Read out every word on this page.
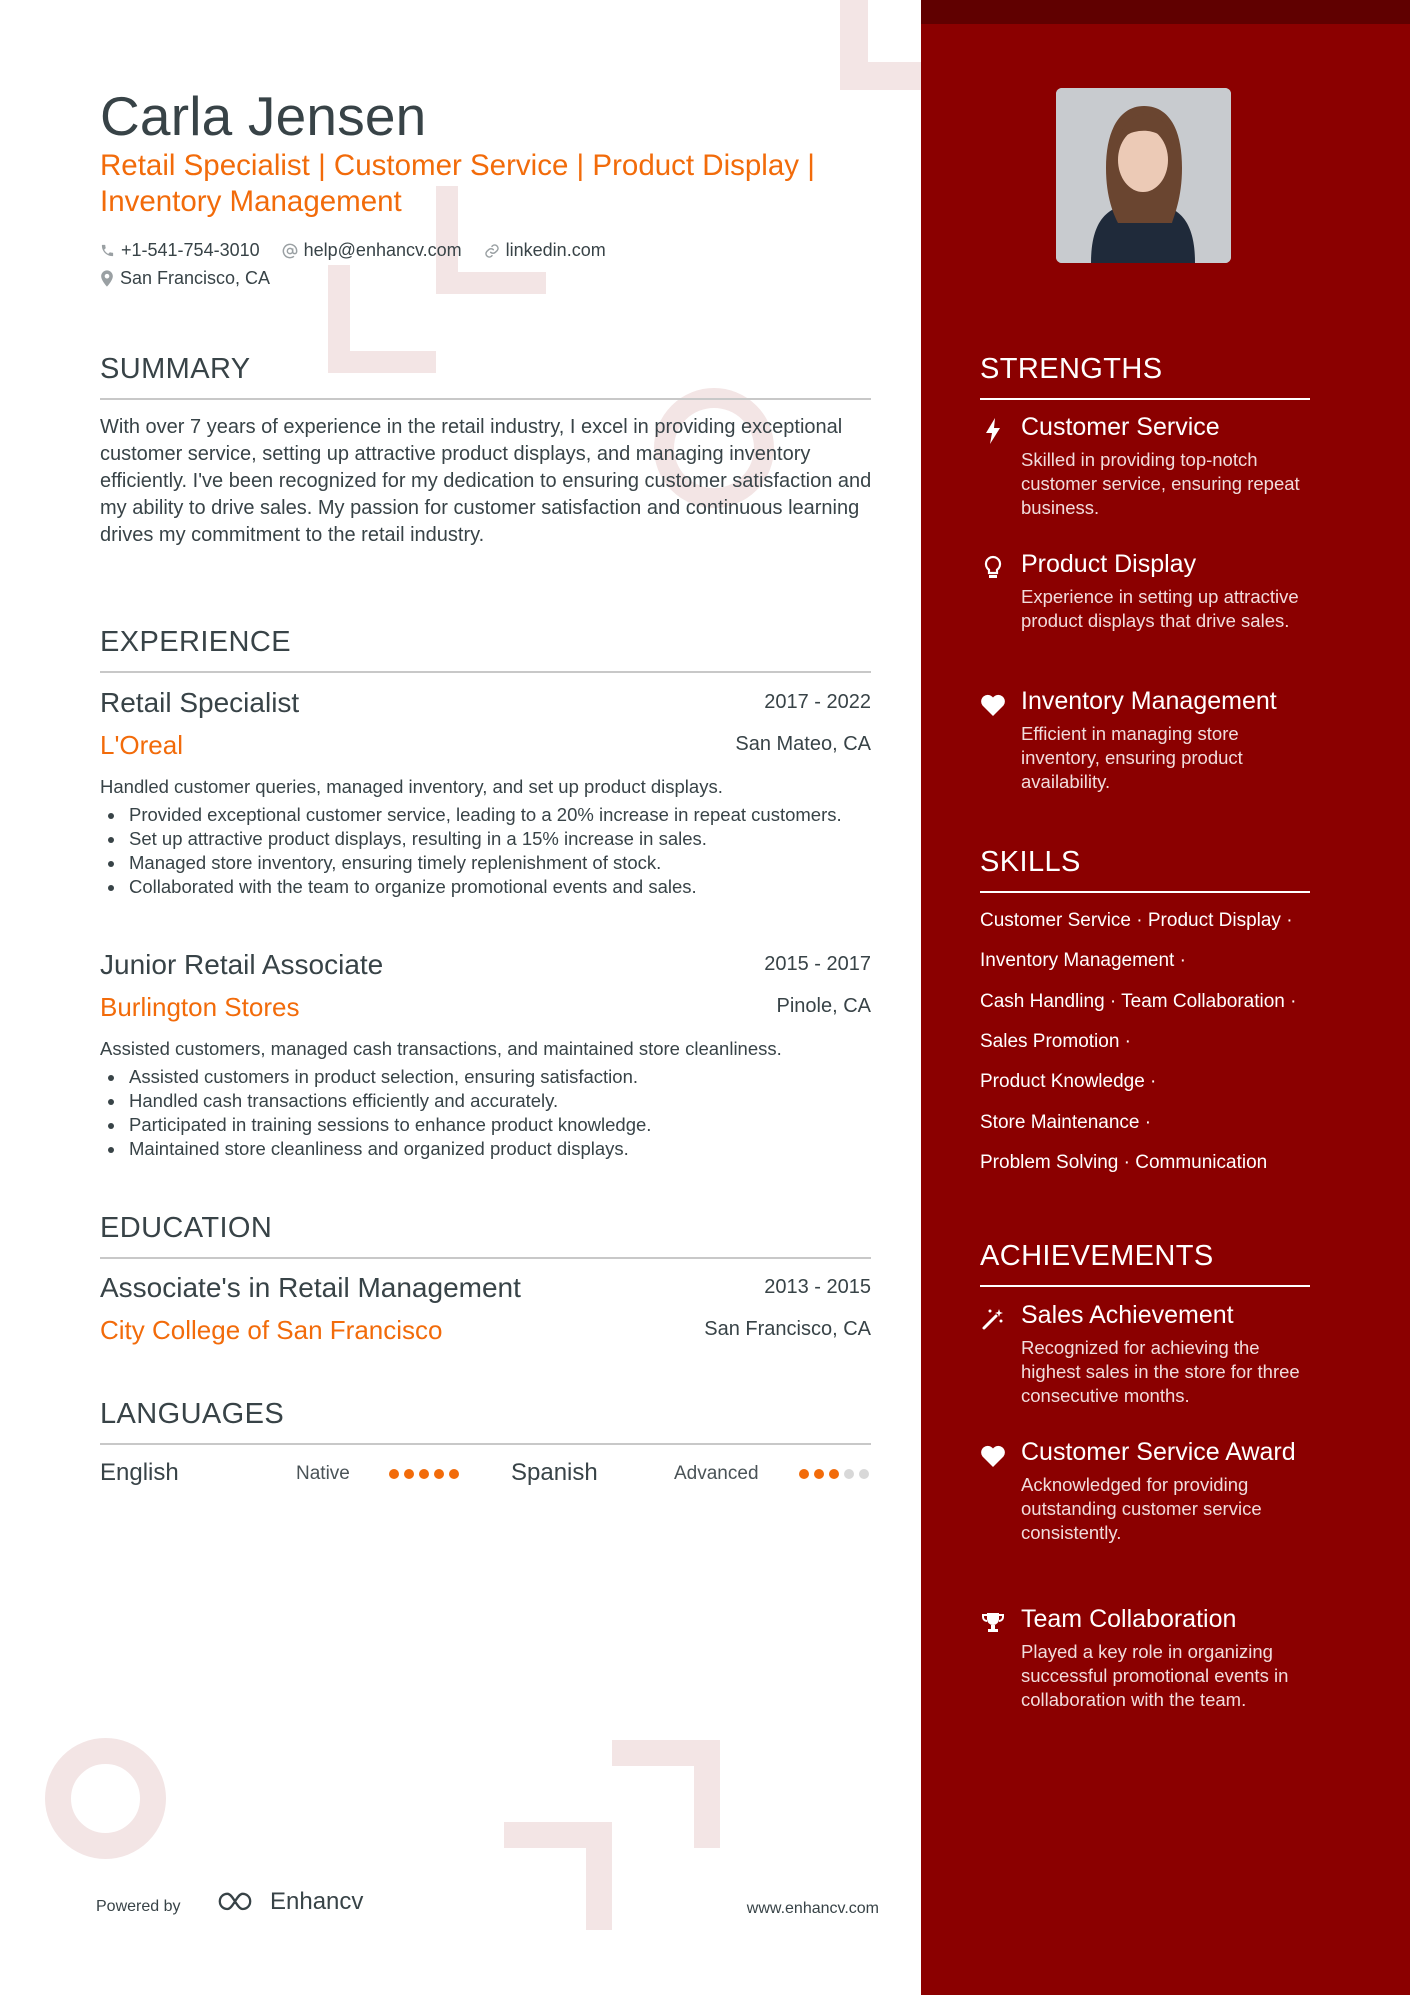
Carla Jensen
Retail Specialist | Customer Service | Product Display | Inventory Management
+1-541-754-3010 help@enhancv.com linkedin.com
San Francisco, CA
SUMMARY

With over 7 years of experience in the retail industry, I excel in providing exceptional customer service, setting up attractive product displays, and managing inventory efficiently. I've been recognized for my dedication to ensuring customer satisfaction and my ability to drive sales. My passion for customer satisfaction and continuous learning drives my commitment to the retail industry.

EXPERIENCE
Retail Specialist	2017 - 2022
L'Oreal	San Mateo, CA
Handled customer queries, managed inventory, and set up product displays.
Provided exceptional customer service, leading to a 20% increase in repeat customers.
Set up attractive product displays, resulting in a 15% increase in sales.
Managed store inventory, ensuring timely replenishment of stock.
Collaborated with the team to organize promotional events and sales.
Junior Retail Associate	2015 - 2017
Burlington Stores	Pinole, CA
Assisted customers, managed cash transactions, and maintained store cleanliness.
Assisted customers in product selection, ensuring satisfaction.
Handled cash transactions efficiently and accurately.
Participated in training sessions to enhance product knowledge.
Maintained store cleanliness and organized product displays.
EDUCATION
Associate's in Retail Management	2013 - 2015
City College of San Francisco	San Francisco, CA
LANGUAGES
English	Native	Spanish	Advanced
Powered by	Enhancv	www.enhancv.com
STRENGTHS
Customer Service
Skilled in providing top-notch customer service, ensuring repeat business.
Product Display
Experience in setting up attractive product displays that drive sales.
Inventory Management
Efficient in managing store inventory, ensuring product availability.
SKILLS
Customer Service · Product Display ·
Inventory Management ·
Cash Handling · Team Collaboration ·
Sales Promotion ·
Product Knowledge ·
Store Maintenance ·
Problem Solving · Communication
ACHIEVEMENTS
Sales Achievement
Recognized for achieving the highest sales in the store for three consecutive months.
Customer Service Award
Acknowledged for providing outstanding customer service consistently.
Team Collaboration
Played a key role in organizing successful promotional events in collaboration with the team.
